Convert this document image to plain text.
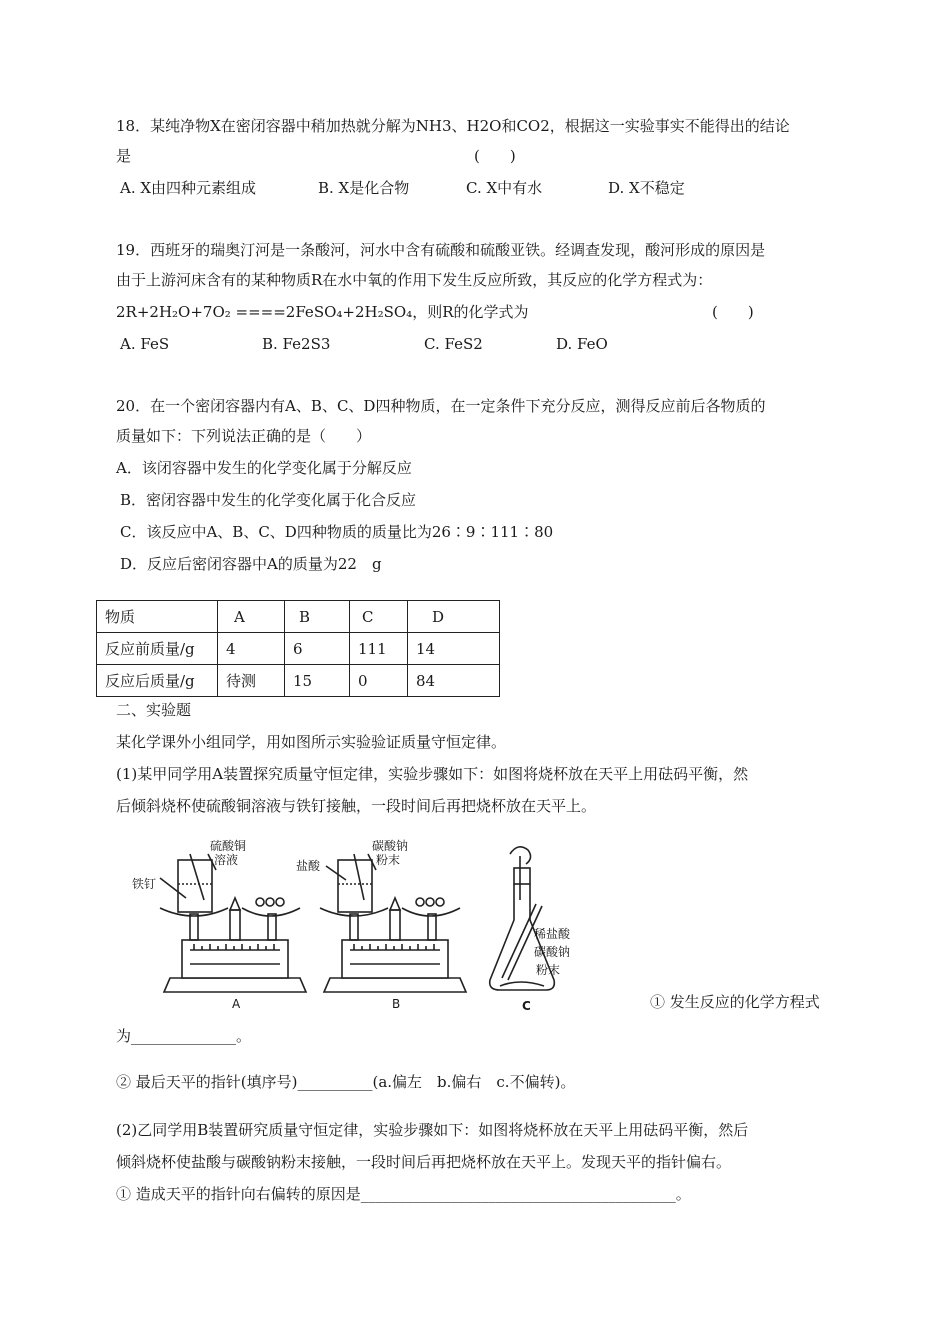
18．某纯净物X在密闭容器中稍加热就分解为NH3、H2O和CO2，根据这一实验事实不能得出的结论
是	(　　)
A. X由四种元素组成	B. X是化合物	C. X中有水	D. X不稳定
19．西班牙的瑞奥汀河是一条酸河，河水中含有硫酸和硫酸亚铁。经调查发现，酸河形成的原因是
由于上游河床含有的某种物质R在水中氧的作用下发生反应所致，其反应的化学方程式为：
2R+2H₂O+7O₂ ====2FeSO₄+2H₂SO₄，则R的化学式为	(　　)
A. FeS	B. Fe2S3	C. FeS2	D. FeO
20．在一个密闭容器内有A、B、C、D四种物质，在一定条件下充分反应，测得反应前后各物质的
质量如下：下列说法正确的是（　　）
A．该闭容器中发生的化学变化属于分解反应
B．密闭容器中发生的化学变化属于化合反应
C．该反应中A、B、C、D四种物质的质量比为26∶9∶111∶80
D．反应后密闭容器中A的质量为22　g
物质	A	B	C	D
反应前质量/g	4	6	111	14
反应后质量/g	待测	15	0	84
二、实验题
某化学课外小组同学，用如图所示实验验证质量守恒定律。
(1)某甲同学用A装置探究质量守恒定律，实验步骤如下：如图将烧杯放在天平上用砝码平衡，然
后倾斜烧杯使硫酸铜溶液与铁钉接触，一段时间后再把烧杯放在天平上。
硫酸铜
溶液
铁钉
碳酸钠
粉末
盐酸
稀盐酸
碳酸钠
粉末
A	B	C	① 发生反应的化学方程式
为______________。
② 最后天平的指针(填序号)__________(a.偏左　b.偏右　c.不偏转)。
(2)乙同学用B装置研究质量守恒定律，实验步骤如下：如图将烧杯放在天平上用砝码平衡，然后
倾斜烧杯使盐酸与碳酸钠粉末接触，一段时间后再把烧杯放在天平上。发现天平的指针偏右。
① 造成天平的指针向右偏转的原因是__________________________________________。
